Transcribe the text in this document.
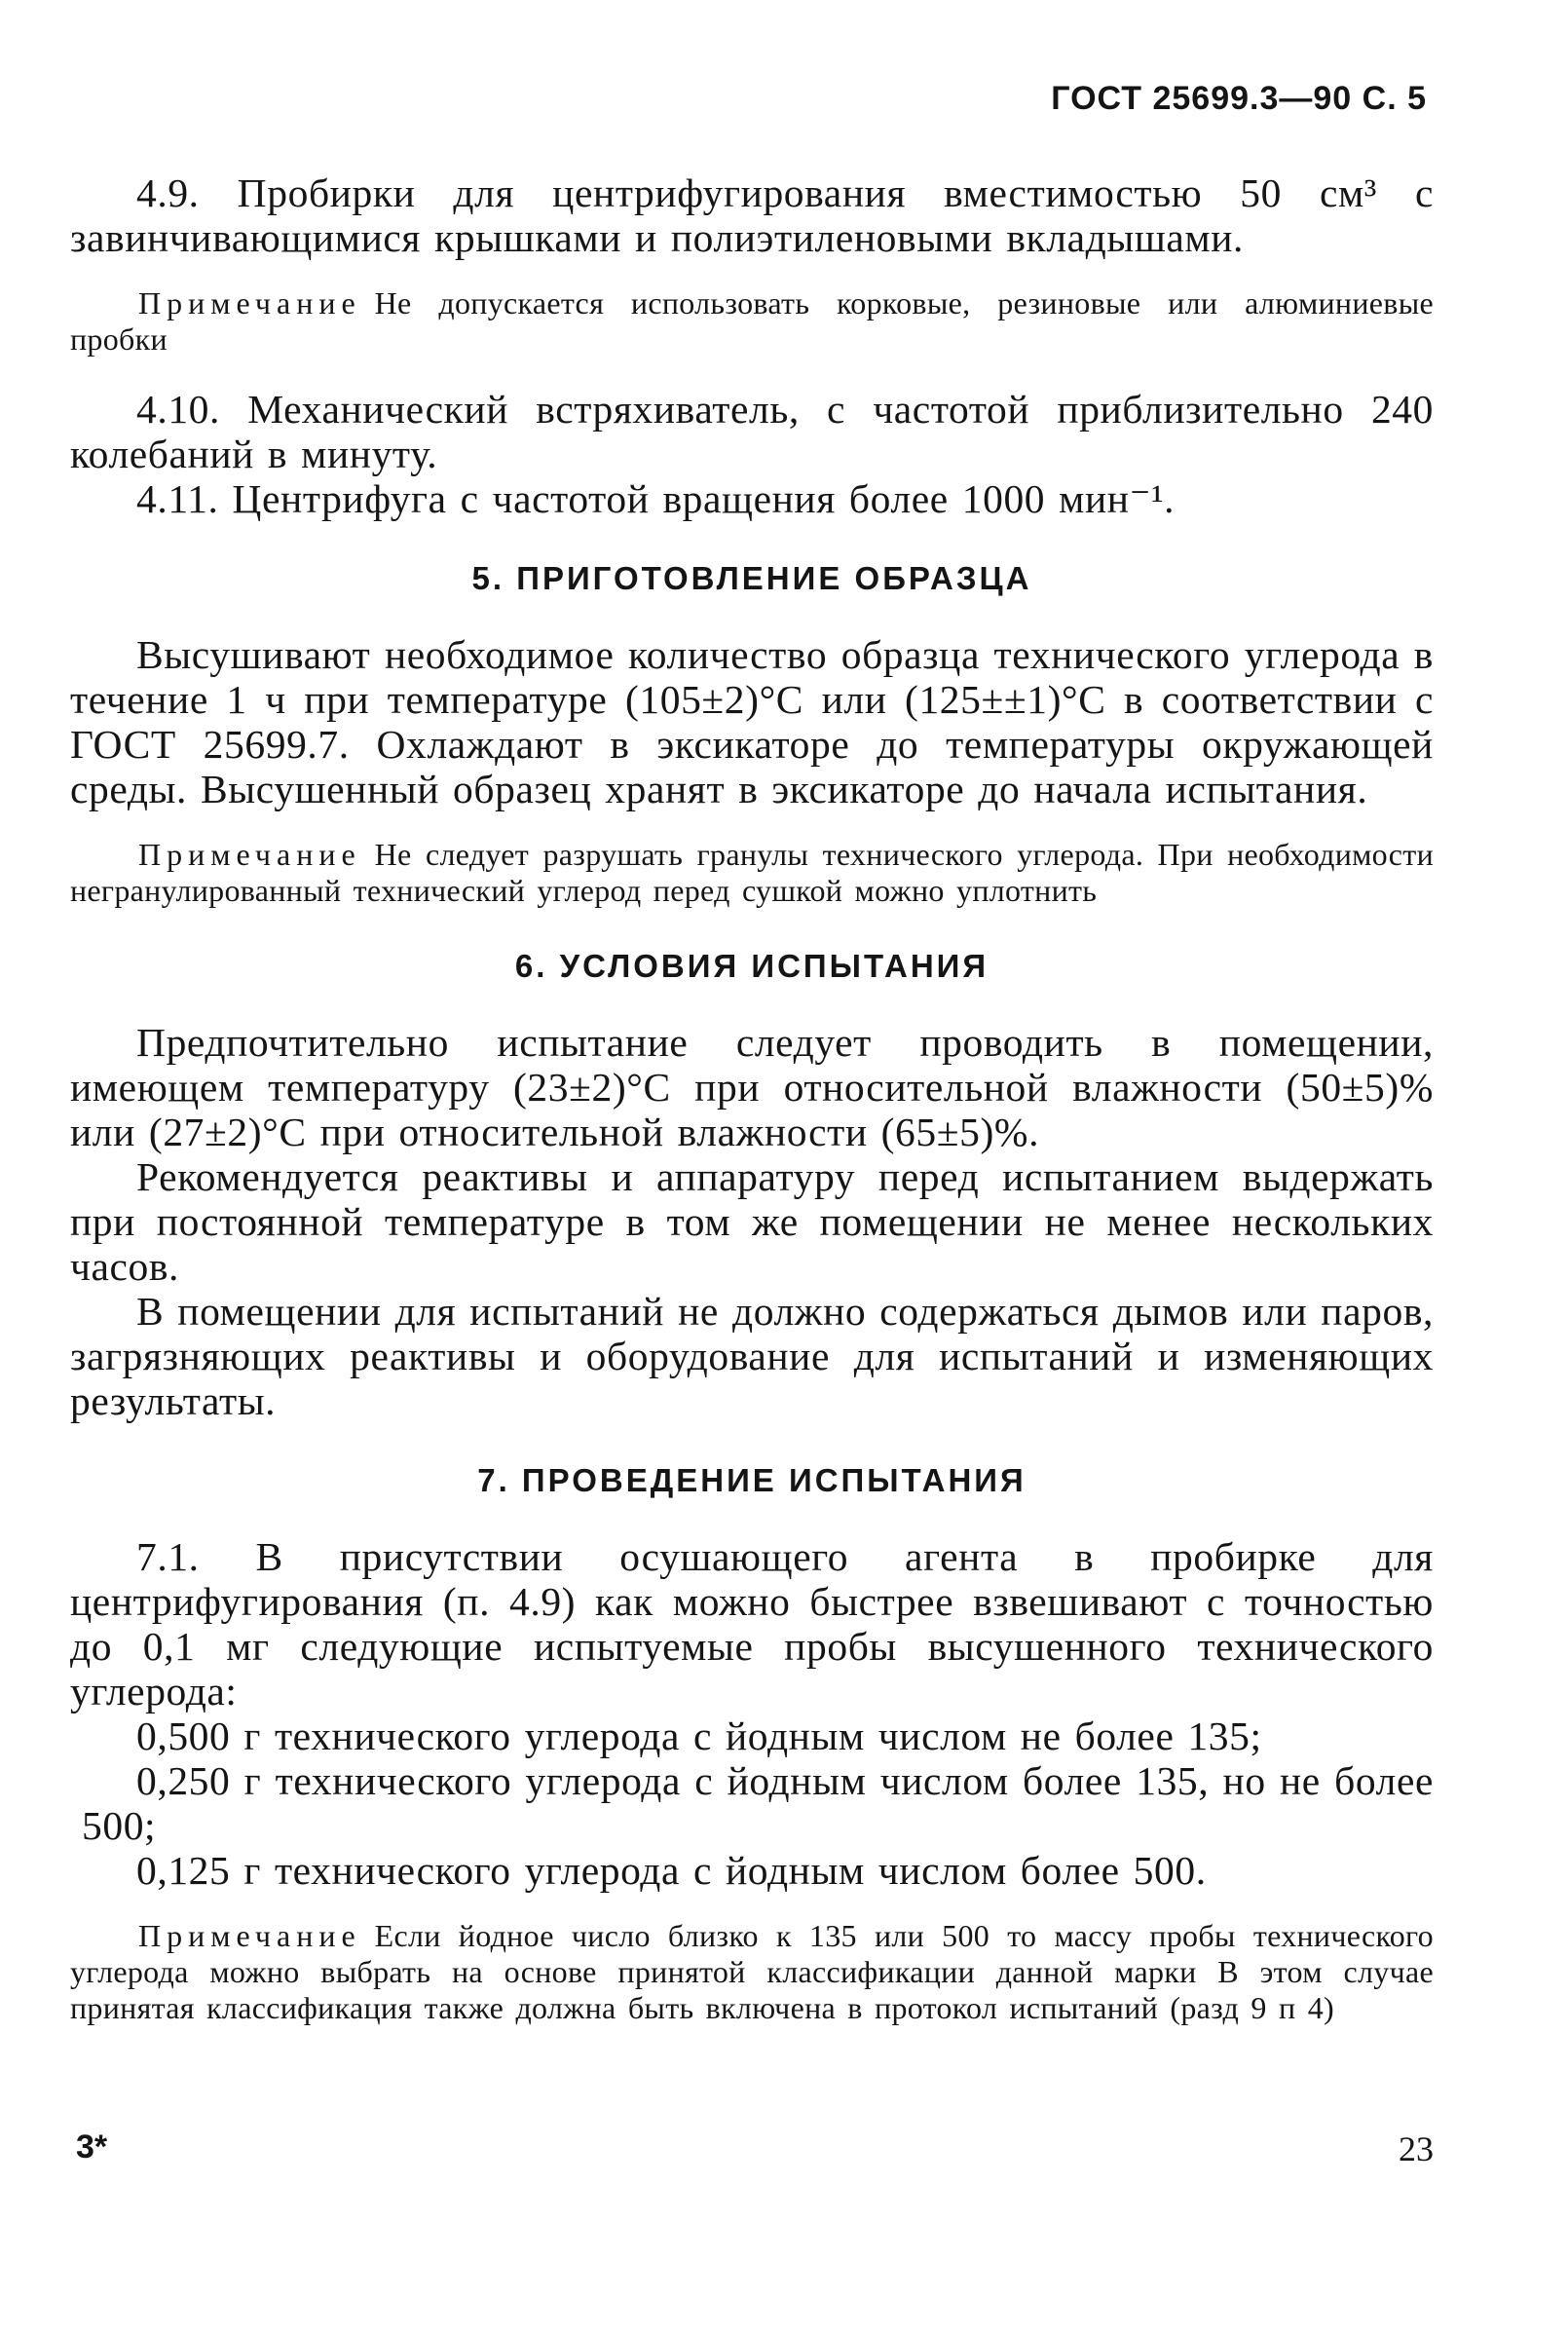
ГОСТ 25699.3—90 С. 5

4.9. Пробирки для центрифугирования вместимостью 50 см³ с завинчивающимися крышками и полиэтиленовыми вкладышами.

Примечание Не допускается использовать корковые, резиновые или алюминиевые пробки

4.10. Механический встряхиватель, с частотой приблизительно 240 колебаний в минуту.

4.11. Центрифуга с частотой вращения более 1000 мин⁻¹.

5. ПРИГОТОВЛЕНИЕ ОБРАЗЦА

Высушивают необходимое количество образца технического углерода в течение 1 ч при температуре (105±2)°С или (125±±1)°С в соответствии с ГОСТ 25699.7. Охлаждают в эксикаторе до температуры окружающей среды. Высушенный образец хранят в эксикаторе до начала испытания.

Примечание Не следует разрушать гранулы технического углерода. При необходимости негранулированный технический углерод перед сушкой можно уплотнить

6. УСЛОВИЯ ИСПЫТАНИЯ

Предпочтительно испытание следует проводить в помещении, имеющем температуру (23±2)°С при относительной влажности (50±5)% или (27±2)°С при относительной влажности (65±5)%.

Рекомендуется реактивы и аппаратуру перед испытанием выдержать при постоянной температуре в том же помещении не менее нескольких часов.

В помещении для испытаний не должно содержаться дымов или паров, загрязняющих реактивы и оборудование для испытаний и изменяющих результаты.

7. ПРОВЕДЕНИЕ ИСПЫТАНИЯ

7.1. В присутствии осушающего агента в пробирке для центрифугирования (п. 4.9) как можно быстрее взвешивают с точностью до 0,1 мг следующие испытуемые пробы высушенного технического углерода:

0,500 г технического углерода с йодным числом не более 135;

0,250 г технического углерода с йодным числом более 135, но не более 500;

0,125 г технического углерода с йодным числом более 500.

Примечание Если йодное число близко к 135 или 500 то массу пробы технического углерода можно выбрать на основе принятой классификации данной марки В этом случае принятая классификация также должна быть включена в протокол испытаний (разд 9 п 4)

3*	23
